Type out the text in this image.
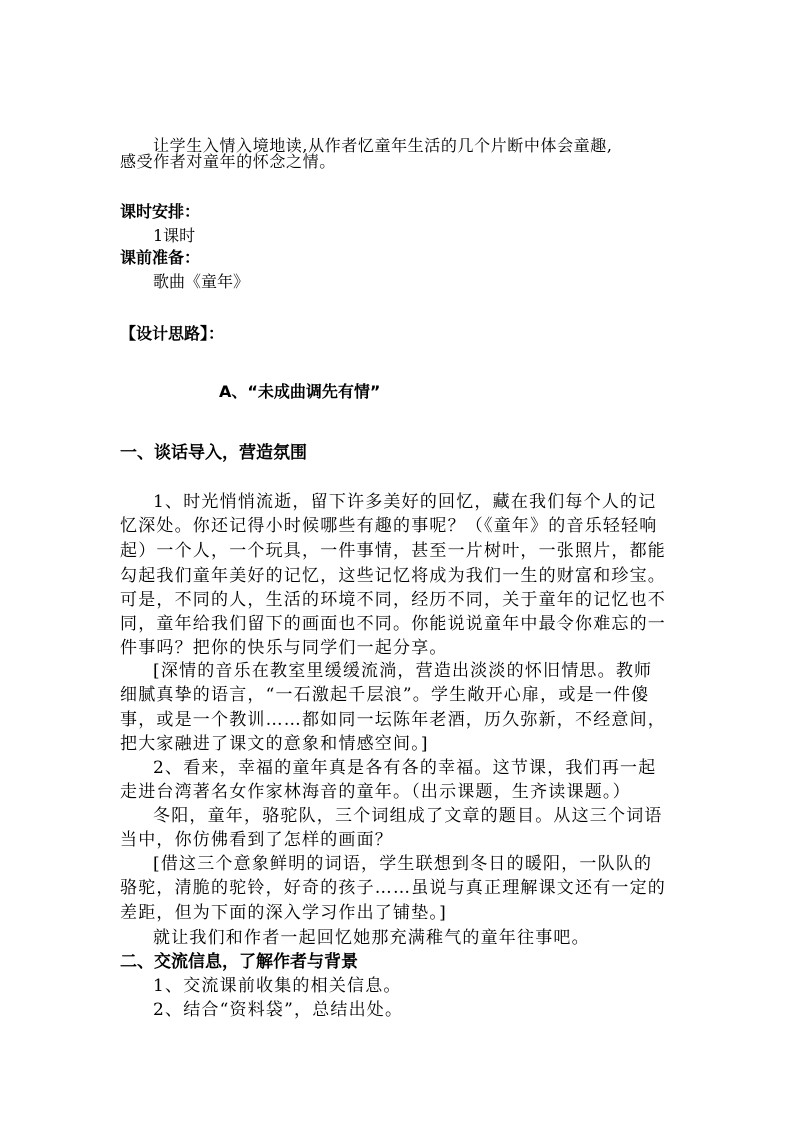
让学生入情入境地读,从作者忆童年生活的几个片断中体会童趣,
感受作者对童年的怀念之情。
课时安排：
1课时
课前准备：
歌曲《童年》
【设计思路】：
A、“未成曲调先有情”
一、谈话导入，营造氛围
1、时光悄悄流逝，留下许多美好的回忆，藏在我们每个人的记
忆深处。你还记得小时候哪些有趣的事呢？（《童年》的音乐轻轻响
起）一个人，一个玩具，一件事情，甚至一片树叶，一张照片，都能
勾起我们童年美好的记忆，这些记忆将成为我们一生的财富和珍宝。
可是，不同的人，生活的环境不同，经历不同，关于童年的记忆也不
同，童年给我们留下的画面也不同。你能说说童年中最令你难忘的一
件事吗？把你的快乐与同学们一起分享。
[深情的音乐在教室里缓缓流淌，营造出淡淡的怀旧情思。教师
细腻真挚的语言，“一石激起千层浪”。学生敞开心扉，或是一件傻
事，或是一个教训……都如同一坛陈年老酒，历久弥新，不经意间，
把大家融进了课文的意象和情感空间。]
2、看来，幸福的童年真是各有各的幸福。这节课，我们再一起
走进台湾著名女作家林海音的童年。（出示课题，生齐读课题。）
冬阳，童年，骆驼队，三个词组成了文章的题目。从这三个词语
当中，你仿佛看到了怎样的画面？
[借这三个意象鲜明的词语，学生联想到冬日的暖阳，一队队的
骆驼，清脆的驼铃，好奇的孩子……虽说与真正理解课文还有一定的
差距，但为下面的深入学习作出了铺垫。]
就让我们和作者一起回忆她那充满稚气的童年往事吧。
二、交流信息，了解作者与背景
1、交流课前收集的相关信息。
2、结合“资料袋”，总结出处。
